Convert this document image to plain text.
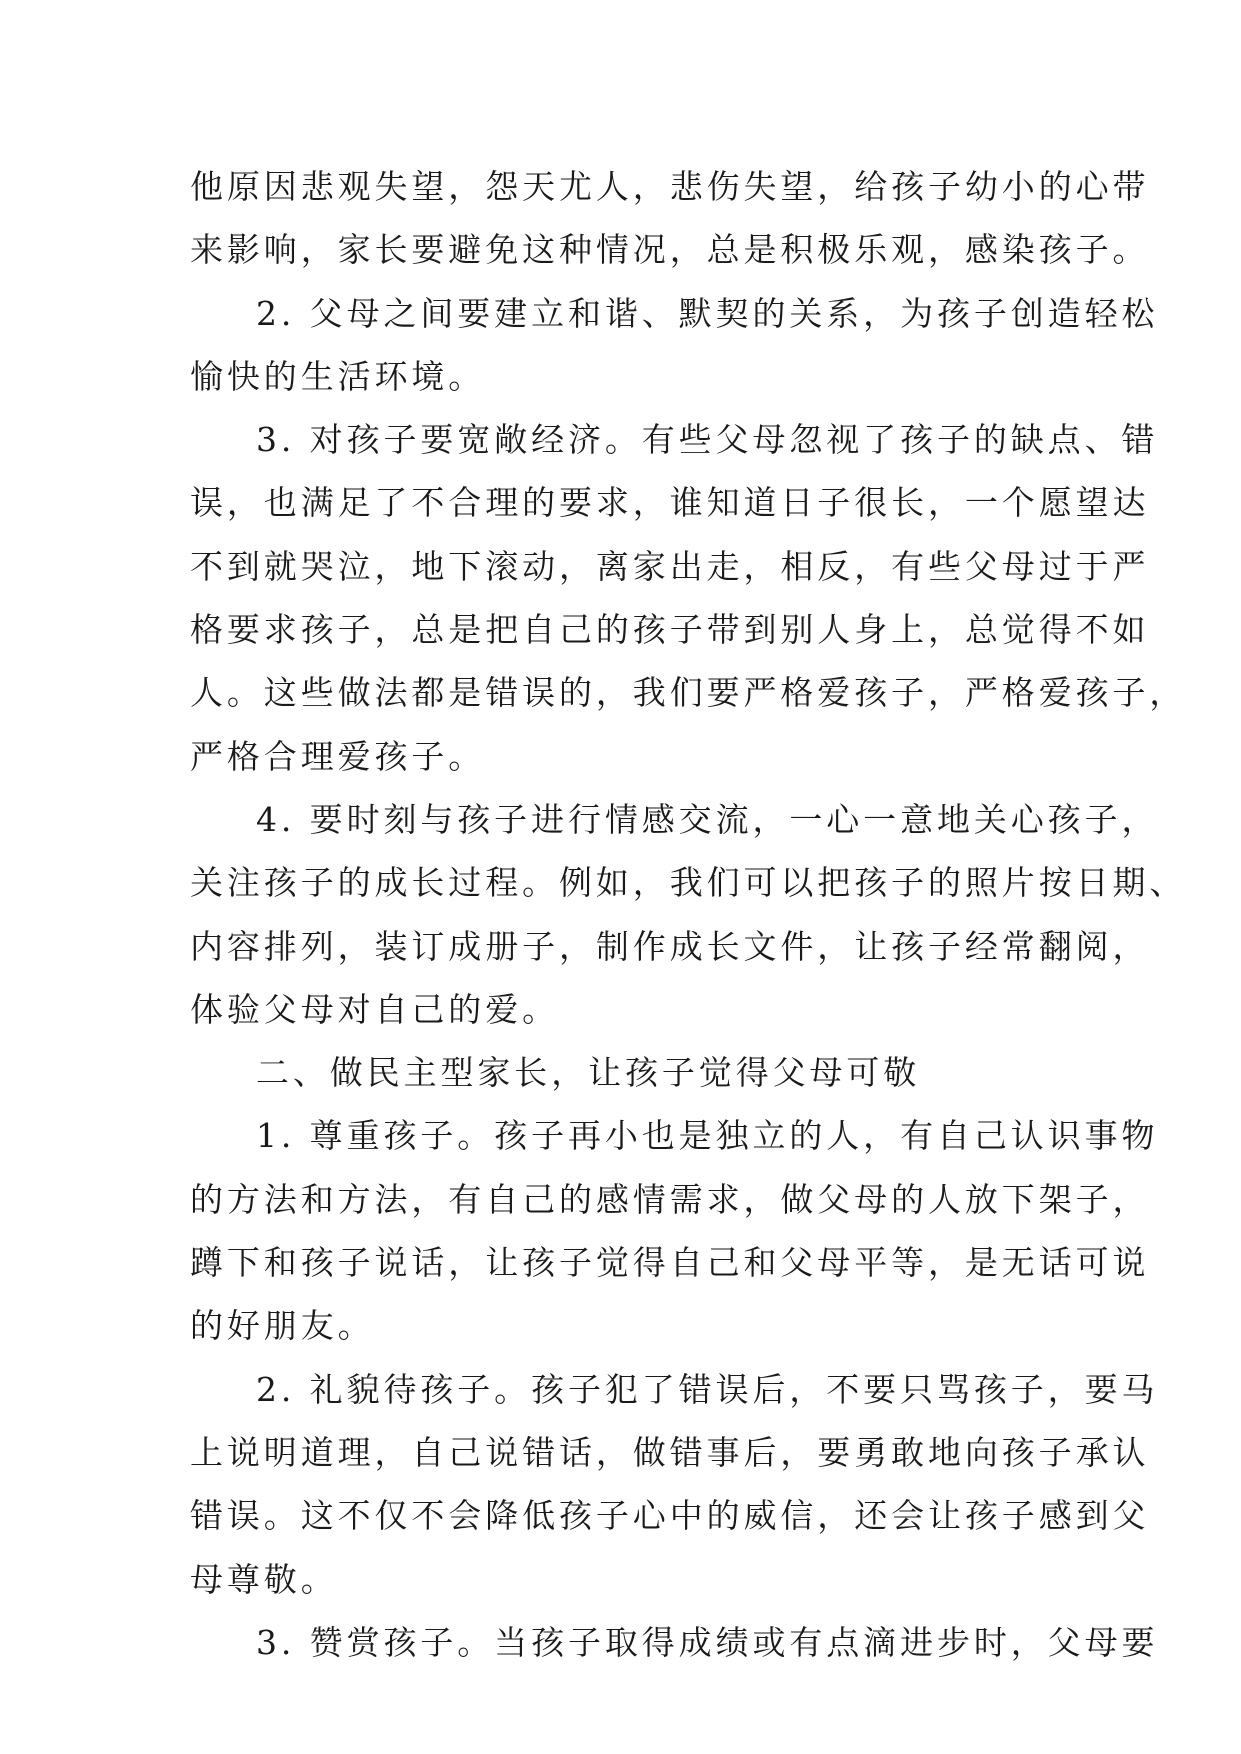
他原因悲观失望，怨天尤人，悲伤失望，给孩子幼小的心带
来影响，家长要避免这种情况，总是积极乐观，感染孩子。
2. 父母之间要建立和谐、默契的关系，为孩子创造轻松
愉快的生活环境。
3. 对孩子要宽敞经济。有些父母忽视了孩子的缺点、错
误，也满足了不合理的要求，谁知道日子很长，一个愿望达
不到就哭泣，地下滚动，离家出走，相反，有些父母过于严
格要求孩子，总是把自己的孩子带到别人身上，总觉得不如
人。这些做法都是错误的，我们要严格爱孩子，严格爱孩子，
严格合理爱孩子。
4. 要时刻与孩子进行情感交流，一心一意地关心孩子，
关注孩子的成长过程。例如，我们可以把孩子的照片按日期、
内容排列，装订成册子，制作成长文件，让孩子经常翻阅，
体验父母对自己的爱。
二、做民主型家长，让孩子觉得父母可敬
1. 尊重孩子。孩子再小也是独立的人，有自己认识事物
的方法和方法，有自己的感情需求，做父母的人放下架子，
蹲下和孩子说话，让孩子觉得自己和父母平等，是无话可说
的好朋友。
2. 礼貌待孩子。孩子犯了错误后，不要只骂孩子，要马
上说明道理，自己说错话，做错事后，要勇敢地向孩子承认
错误。这不仅不会降低孩子心中的威信，还会让孩子感到父
母尊敬。
3. 赞赏孩子。当孩子取得成绩或有点滴进步时，父母要
